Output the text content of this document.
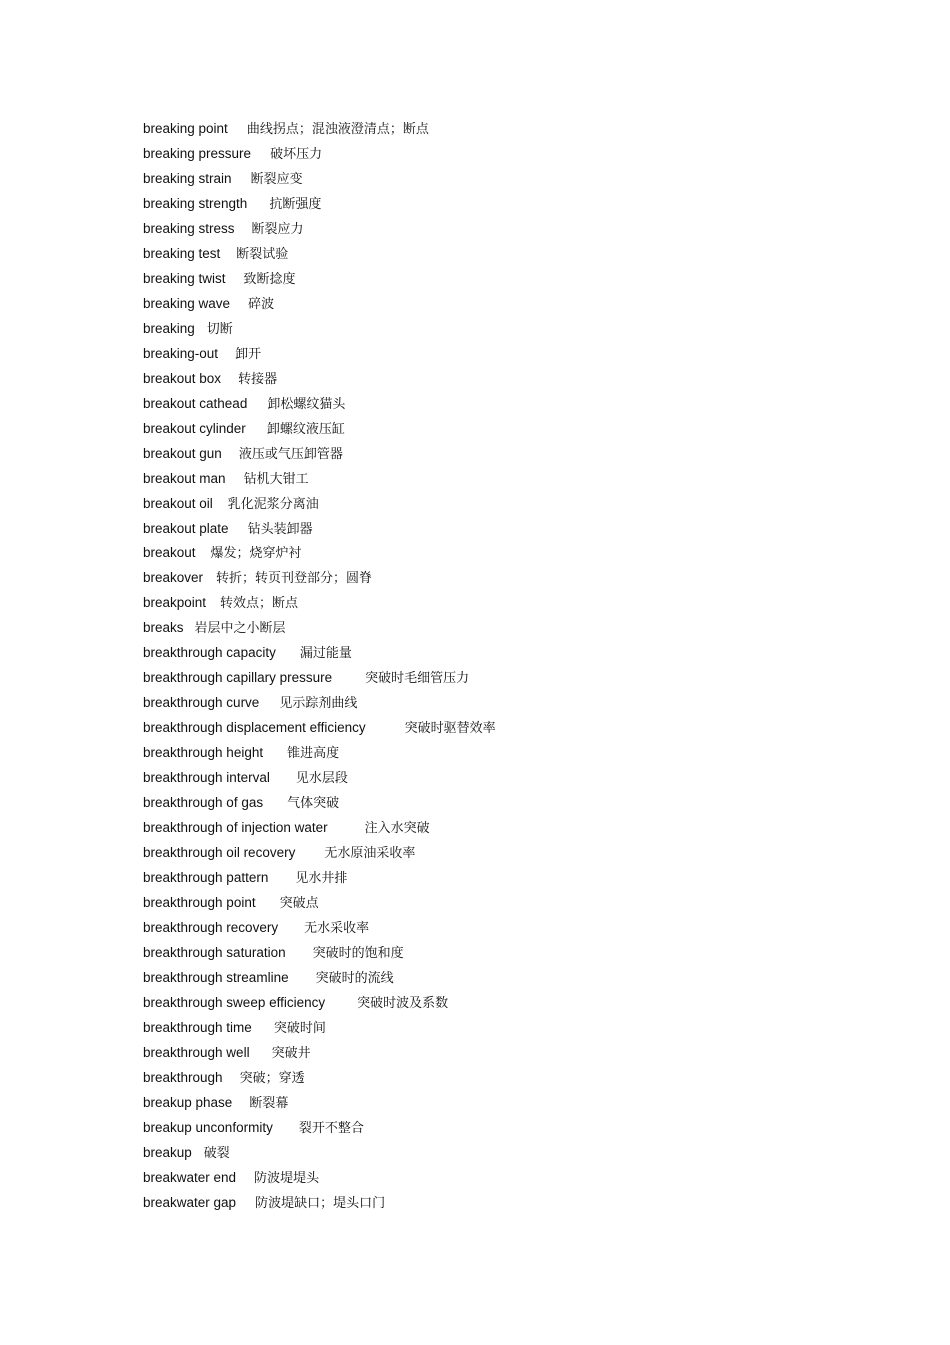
breaking point 曲线拐点；混浊液澄清点；断点
breaking pressure 破坏压力
breaking strain 断裂应变
breaking strength 抗断强度
breaking stress 断裂应力
breaking test 断裂试验
breaking twist 致断捻度
breaking wave 碎波
breaking 切断
breaking-out 卸开
breakout box 转接器
breakout cathead 卸松螺纹猫头
breakout cylinder 卸螺纹液压缸
breakout gun 液压或气压卸管器
breakout man 钻机大钳工
breakout oil 乳化泥浆分离油
breakout plate 钻头装卸器
breakout 爆发；烧穿炉衬
breakover 转折；转页刊登部分；圆脊
breakpoint 转效点；断点
breaks 岩层中之小断层
breakthrough capacity 漏过能量
breakthrough capillary pressure	突破时毛细管压力
breakthrough curve 见示踪剂曲线
breakthrough displacement efficiency	突破时驱替效率
breakthrough height 锥进高度
breakthrough interval 见水层段
breakthrough of gas 气体突破
breakthrough of injection water	注入水突破
breakthrough oil recovery 无水原油采收率
breakthrough pattern 见水井排
breakthrough point 突破点
breakthrough recovery 无水采收率
breakthrough saturation 突破时的饱和度
breakthrough streamline 突破时的流线
breakthrough sweep efficiency 突破时波及系数
breakthrough time 突破时间
breakthrough well 突破井
breakthrough 突破；穿透
breakup phase 断裂幕
breakup unconformity 裂开不整合
breakup 破裂
breakwater end 防波堤堤头
breakwater gap 防波堤缺口；堤头口门
